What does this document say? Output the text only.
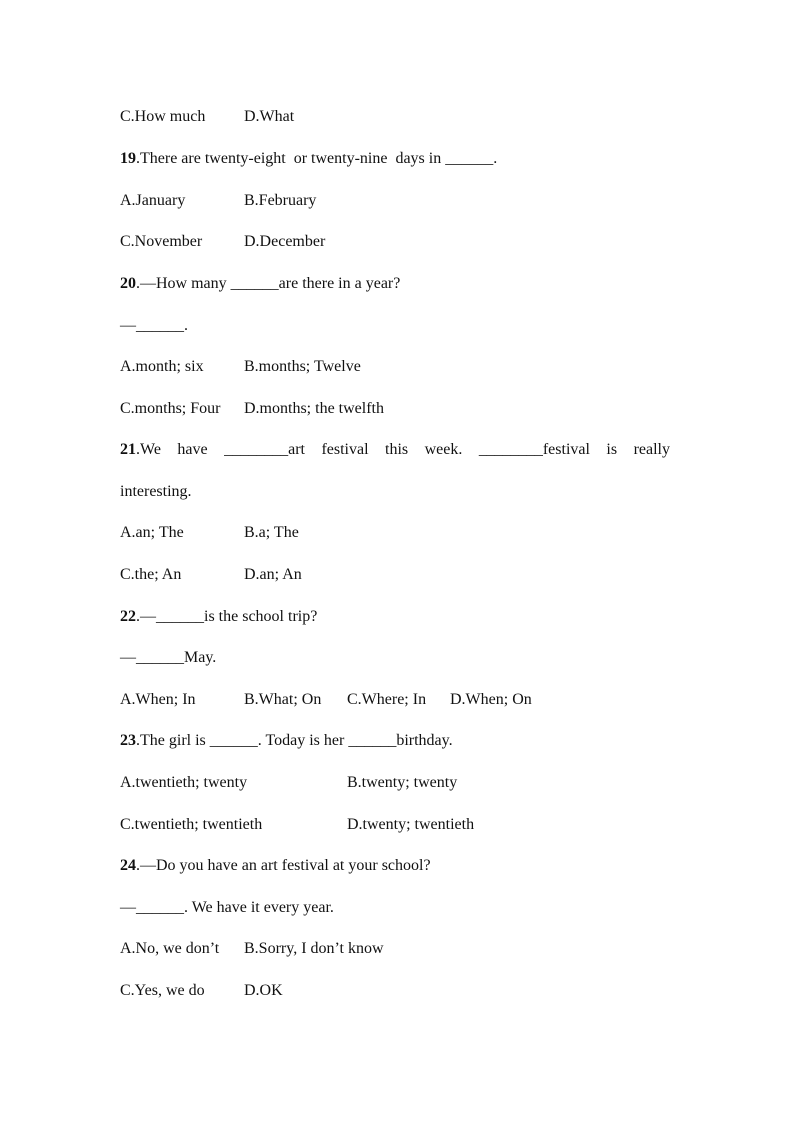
C.How much

D.What

19.There are twenty-eight  or twenty-nine  days in ______.

A.January

	B.February

C.November

	D.December

20.—How many ______are there in a year?
—______.

A.month; six

	B.months; Twelve

C.months; Four

D.months; the twelfth

21.We have ________art festival this week. ________festival is really
interesting.

A.an; The

	B.a; The

C.the; An

	D.an; An

22.—______is the school trip?
—______May.

A.When; In

	B.What; On

C.Where; In

D.When; On

23.The girl is ______. Today is her ______birthday.

A.twentieth; twenty

	B.twenty; twenty

C.twentieth; twentieth

	D.twenty; twentieth

24.—Do you have an art festival at your school?
—______. We have it every year.

A.No, we don’t

B.Sorry, I don’t know

C.Yes, we do

D.OK
